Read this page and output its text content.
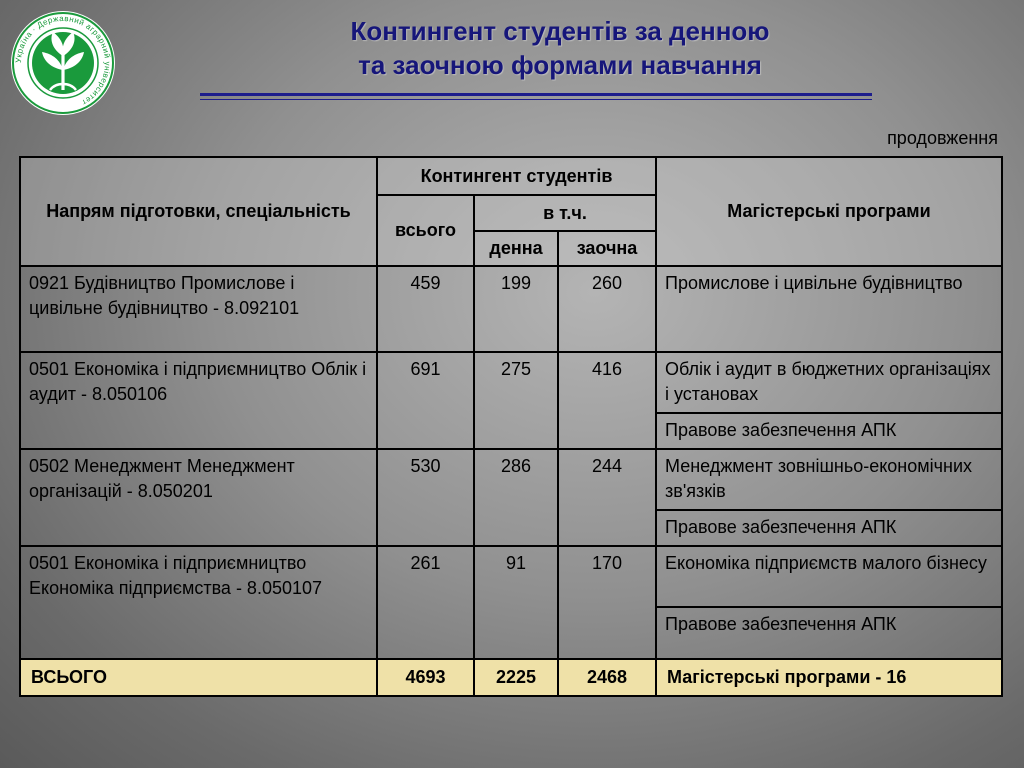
Україна · Державний аграрний університет
Контингент студентів за денною
та заочною формами навчання
продовження
Напрям підготовки, спеціальність	Контингент студентів			Магістерські програми
	всього	в т.ч.		
		денна	заочна	
0921 Будівництво Промислове і цивільне будівництво - 8.092101	459	199	260	Промислове і цивільне будівництво
0501 Економіка і підприємництво Облік і аудит - 8.050106	691	275	416	Облік і аудит в бюджетних організаціях і установах
				Правове забезпечення АПК
0502 Менеджмент Менеджмент організацій - 8.050201	530	286	244	Менеджмент зовнішньо-економічних зв'язків
				Правове забезпечення АПК
0501 Економіка і підприємництво Економіка підприємства - 8.050107	261	91	170	Економіка підприємств малого бізнесу
				Правове забезпечення АПК
ВСЬОГО	4693	2225	2468	Магістерські програми - 16
